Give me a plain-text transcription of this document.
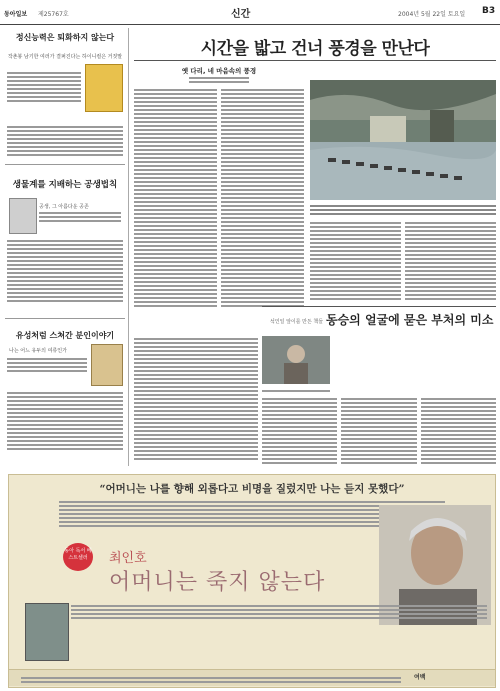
동아일보 제25767호	신간	2004년 5월 22일 토요일 B3
정신능력은 퇴화하지 않는다
작촌봉 남기한 여러가 결퍼진다는 하이니컬은 거짓말
생물계를 지배하는 공생법칙
공생, 그 아름다운 공존
유성처럼 스쳐간 분인이야기
나는 어느 유두의 여류인가
시간을 밟고 건너 풍경을 만난다
옛 다리, 네 마음속의 풍경
석인일 앞이를 만든 책들 동승의 얼굴에 묻은 부처의 미소
“어머니는 나를 향해 외롭다고 비명을 질렀지만 나는 듣지 못했다”
동아 독서 베스트셀러	최인호
어머니는 죽지 않는다
여백
